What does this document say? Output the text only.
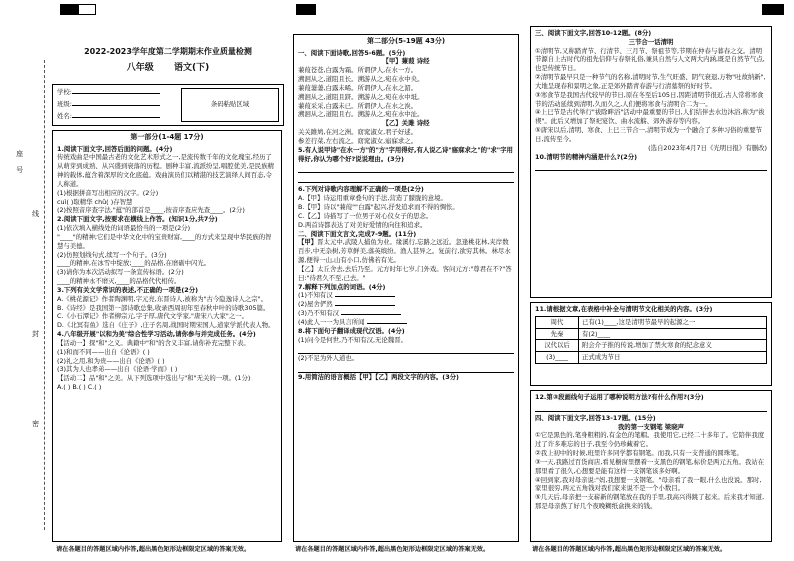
座
号
线
封
密
2022-2023学年度第二学期期末作业质量检测
八年级 语文(下)
学校:
班级:
姓名:
条码粘贴区域
第一部分(1-4题 17分)

1.阅读下面文字,回答后面的问题。(4分)

传统戏曲是中国最古老的文化艺术形式之一,是流传数千年的文化瑰宝,经历了从萌芽到成熟、从兴盛到衰落的历程。剧种丰富,流派纷呈,唱腔优美,是民族精神的载体,蕴含着深厚的文化底蕴。戏曲演员们以精湛的技艺演绎人间百态,令人称道。

(1)根据拼音写出相应的汉字。(2分)

cuì( )取精华 chǔ( )存智慧

(2)按照音序查字法,"蕴"的部首是____,按音序查应先查____。(2分)

2.阅读下面文字,按要求在横线上作答。(知识1分,共7分)

(1)依次填入横线处的词语最恰当的一项是(2分)

"____"的精神;它们是中华文化中的宝贵财富,____的方式来呈现中华民族的智慧与美德。

(2)仿照划线句式,续写一个句子。(3分)

____的精神,在冰雪中绽放;____的品格,在磨砺中闪光。

(3)请你为本次活动拟写一条宣传标语。(2分)

____的精神永不磨灭,____的品格代代相传。

3.下列有关文学常识的表述,不正确的一项是(2分)

A.《桃花源记》作者陶渊明,字元亮,东晋诗人,被称为"古今隐逸诗人之宗"。

B.《诗经》是我国第一部诗歌总集,收录西周初年至春秋中叶的诗歌305篇。

C.《小石潭记》作者柳宗元,字子厚,唐代文学家,"唐宋八大家"之一。

D.《北冥有鱼》选自《庄子》,庄子名周,战国时期宋国人,道家学派代表人物。

4.八年级开展"以和为美"综合性学习活动,请你参与并完成任务。(4分)

【活动一】探"和"之义。典籍中"和"的含义丰富,请你补充完整下表。

(1)和而不同——出自《论语》( )

(2)礼之用,和为贵——出自《论语》( )

(3)其为人也孝弟——出自《论语·学而》( )

【活动二】品"和"之美。从下列选项中选出与"和"无关的一项。(1分)

A.( ) B.( ) C.( )

请在各题目的答题区域内作答,超出黑色矩形边框限定区域的答案无效。
第二部分(5-19题 43分)

一、阅读下面诗歌,回答5-6题。(5分)

【甲】蒹葭 诗经

蒹葭苍苍,白露为霜。所谓伊人,在水一方。

溯洄从之,道阻且长。溯游从之,宛在水中央。

蒹葭萋萋,白露未晞。所谓伊人,在水之湄。

溯洄从之,道阻且跻。溯游从之,宛在水中坻。

蒹葭采采,白露未已。所谓伊人,在水之涘。

溯洄从之,道阻且右。溯游从之,宛在水中沚。

【乙】关雎 诗经

关关雎鸠,在河之洲。窈窕淑女,君子好逑。

参差荇菜,左右流之。窈窕淑女,寤寐求之。

5.有人说甲诗"在水一方"的"方"字用得好,有人说乙诗"寤寐求之"的"求"字用得好,你认为哪个好?说说理由。(3分)

6.下列对诗歌内容理解不正确的一项是(2分)

A.【甲】诗运用重章叠句的手法,营造了朦胧的意境。

B.【甲】诗以"蒹葭""白露"起兴,抒发追求而不得的惆怅。

C.【乙】诗描写了一位男子对心仪女子的思念。

D.两首诗都表达了对美好爱情的向往和追求。

二、阅读下面文言文,完成7-9题。(11分)

【甲】晋太元中,武陵人捕鱼为业。缘溪行,忘路之远近。忽逢桃花林,夹岸数百步,中无杂树,芳草鲜美,落英缤纷。渔人甚异之。复前行,欲穷其林。林尽水源,便得一山,山有小口,仿佛若有光。

【乙】太丘舍去,去后乃至。元方时年七岁,门外戏。客问元方:"尊君在不?"答曰:"待君久不至,已去。"

7.解释下列加点的词语。(4分)

(1)不知有汉

(2)屋舍俨然

(3)乃不知有汉

(4)此人一一为具言所闻

8.将下面句子翻译成现代汉语。(4分)

(1)问今是何世,乃不知有汉,无论魏晋。

(2)不足为外人道也。

9.用简洁的语言概括【甲】【乙】两段文字的内容。(3分)

请在各题目的答题区域内作答,超出黑色矩形边框限定区域的答案无效。

三、阅读下面文字,回答10-12题。(8分)

三节合一话清明

①清明节,又称踏青节、行清节、三月节、祭祖节等,节期在仲春与暮春之交。清明节源自上古时代的祖先信仰与春祭礼俗,兼具自然与人文两大内涵,既是自然节气点,也是传统节日。

②清明节最早只是一种节气的名称,清明时节,生气旺盛、阴气衰退,万物"吐故纳新",大地呈现春和景明之象,正是郊外踏青春游与行清墓祭的好时节。

③寒食节是我国古代较早的节日,原在冬至后105日,因距清明节很近,古人常将寒食节的活动延续到清明,久而久之,人们便将寒食与清明合二为一。

④上巳节是古代举行"祓除畔浴"活动中最重要的节日,人们结伴去水边沐浴,称为"祓禊"。此后又增加了祭祀宴饮、曲水流觞、郊外游春等内容。

⑤唐宋以后,清明、寒食、上巳三节合一,清明节成为一个融合了多种习俗的重要节日,流传至今。

(选自2023年4月7日《光明日报》有删改)

10.清明节的精神内涵是什么?(2分)

11.请根据文章,在表格中补全与清明节文化相关的内容。(3分)

周代	已有(1)____,这是清明节最早的起源之一
先秦	有(2)____
汉代以后	附会介子推的传说,增加了禁火寒食的纪念意义
(3)____	正式成为节日

12.第③段画线句子运用了哪种说明方法?有什么作用?(3分)

四、阅读下面文字,回答13-17题。(15分)

我的第一支钢笔 梁晓声

①它是黑色的,笔身粗粗的,有金色的笔帽。我使用它,已经二十多年了。它陪伴我度过了许多难忘的日子,我至今仍珍藏着它。

②我上初中的时候,班里许多同学都有钢笔。而我,只有一支普通的圆珠笔。

③一天,我路过百货商店,看见橱窗里摆着一支黑色的钢笔,标价是两元五角。我站在那里看了很久,心想要是能有这样一支钢笔该多好啊。

④回到家,我对母亲说:"妈,我想要一支钢笔。"母亲看了我一眼,什么也没说。那时,家里很穷,两元五角钱对我们家来说不是一个小数目。

⑤几天后,母亲把一支崭新的钢笔放在我的手里,我高兴得跳了起来。后来我才知道,那是母亲熬了好几个夜晚糊纸盒换来的钱。

请在各题目的答题区域内作答,超出黑色矩形边框限定区域的答案无效。
